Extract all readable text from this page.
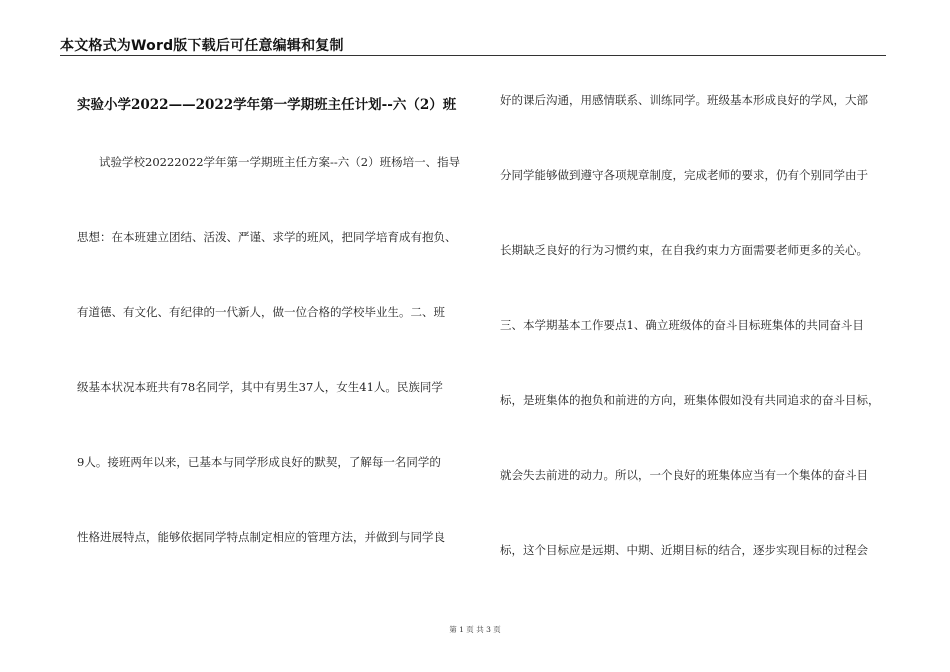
本文格式为Word版下载后可任意编辑和复制
实验小学2022——2022学年第一学期班主任计划--六（2）班
试验学校20222022学年第一学期班主任方案--六（2）班杨培一、指导
思想：在本班建立团结、活泼、严谨、求学的班风，把同学培育成有抱负、
有道德、有文化、有纪律的一代新人，做一位合格的学校毕业生。二、班
级基本状况本班共有78名同学，其中有男生37人，女生41人。民族同学
9人。接班两年以来，已基本与同学形成良好的默契，了解每一名同学的
性格进展特点，能够依据同学特点制定相应的管理方法，并做到与同学良
好的课后沟通，用感情联系、训练同学。班级基本形成良好的学风，大部
分同学能够做到遵守各项规章制度，完成老师的要求，仍有个别同学由于
长期缺乏良好的行为习惯约束，在自我约束力方面需要老师更多的关心。
三、本学期基本工作要点1、确立班级体的奋斗目标班集体的共同奋斗目
标，是班集体的抱负和前进的方向，班集体假如没有共同追求的奋斗目标，
就会失去前进的动力。所以，一个良好的班集体应当有一个集体的奋斗目
标，这个目标应是远期、中期、近期目标的结合，逐步实现目标的过程会
第 1 页 共 3 页
